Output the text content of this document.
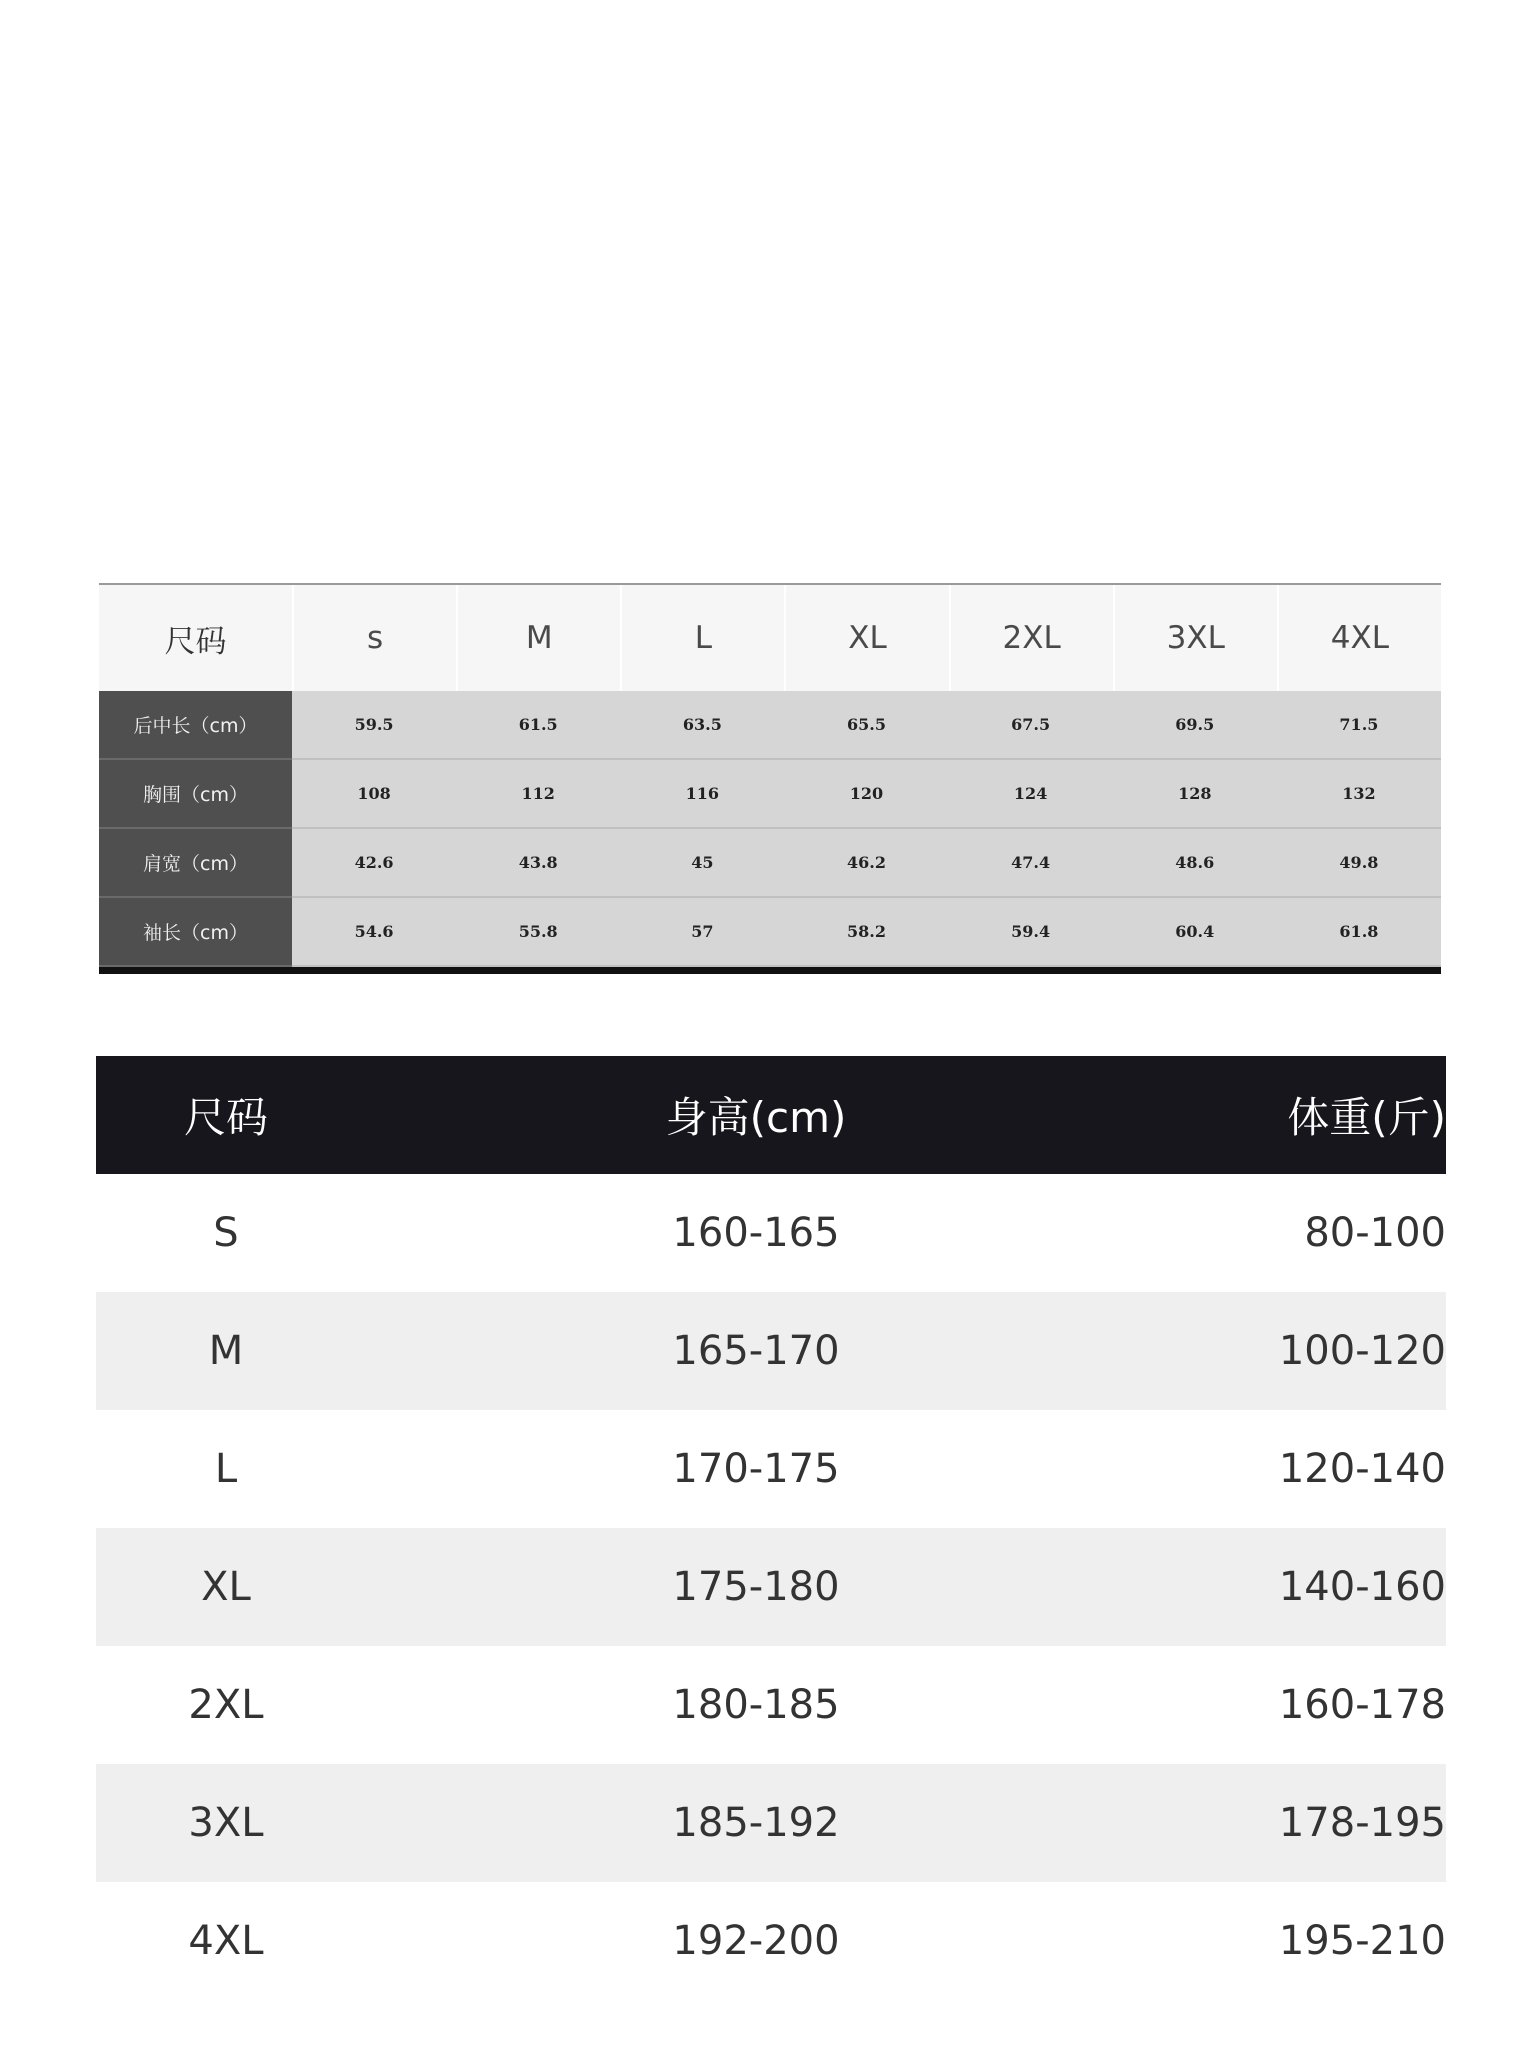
尺码	s	M	L	XL	2XL	3XL	4XL
后中长（cm）	59.5	61.5	63.5	65.5	67.5	69.5	71.5
胸围（cm）	108	112	116	120	124	128	132
肩宽（cm）	42.6	43.8	45	46.2	47.4	48.6	49.8
袖长（cm）	54.6	55.8	57	58.2	59.4	60.4	61.8
尺码	身高(cm)	体重(斤)
S	160-165	80-100
M	165-170	100-120
L	170-175	120-140
XL	175-180	140-160
2XL	180-185	160-178
3XL	185-192	178-195
4XL	192-200	195-210
